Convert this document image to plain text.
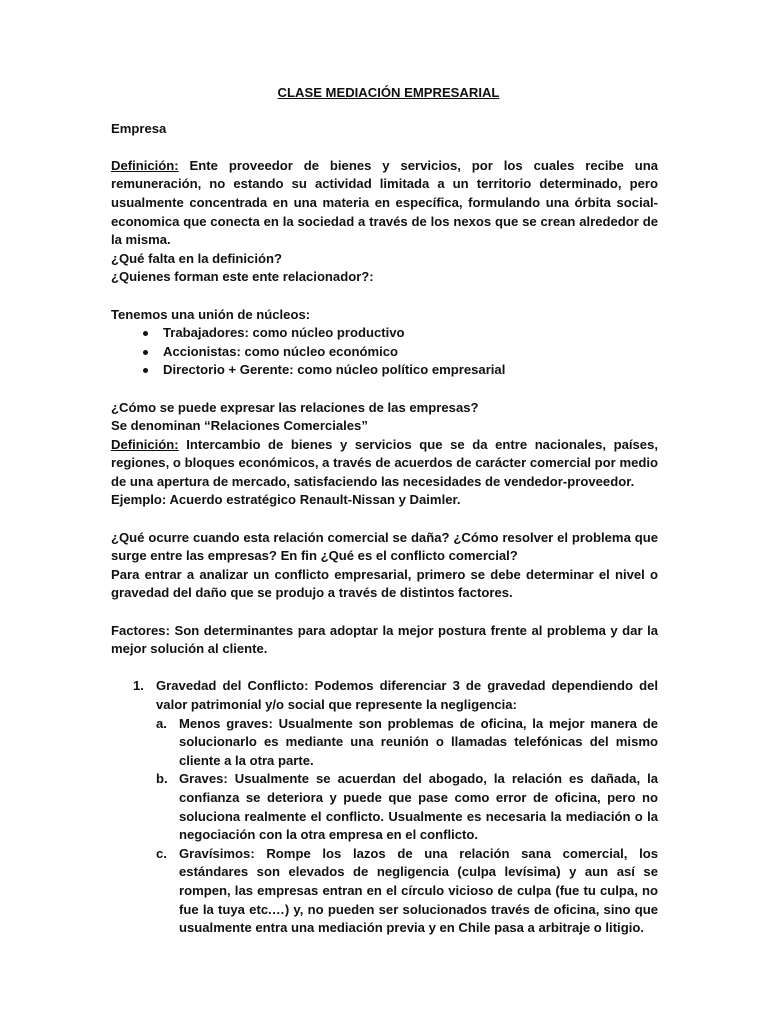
CLASE MEDIACIÓN EMPRESARIAL

Empresa

Definición: Ente proveedor de bienes y servicios, por los cuales recibe una remuneración, no estando su actividad limitada a un territorio determinado, pero usualmente concentrada en una materia en específica, formulando una órbita social-economica que conecta en la sociedad a través de los nexos que se crean alrededor de la misma.

¿Qué falta en la definición?

¿Quienes forman este ente relacionador?:

Tenemos una unión de núcleos:

Trabajadores: como núcleo productivo
Accionistas: como núcleo económico
Directorio + Gerente: como núcleo político empresarial

¿Cómo se puede expresar las relaciones de las empresas?

Se denominan “Relaciones Comerciales”

Definición: Intercambio de bienes y servicios que se da entre nacionales, países, regiones, o bloques económicos, a través de acuerdos de carácter comercial por medio de una apertura de mercado, satisfaciendo las necesidades de vendedor-proveedor.

Ejemplo: Acuerdo estratégico Renault-Nissan y Daimler.

¿Qué ocurre cuando esta relación comercial se daña? ¿Cómo resolver el problema que surge entre las empresas? En fin ¿Qué es el conflicto comercial?

Para entrar a analizar un conflicto empresarial, primero se debe determinar el nivel o gravedad del daño que se produjo a través de distintos factores.

Factores: Son determinantes para adoptar la mejor postura frente al problema y dar la mejor solución al cliente.

1. Gravedad del Conflicto: Podemos diferenciar 3 de gravedad dependiendo del valor patrimonial y/o social que represente la negligencia:

a. Menos graves: Usualmente son problemas de oficina, la mejor manera de solucionarlo es mediante una reunión o llamadas telefónicas del mismo cliente a la otra parte.

b. Graves: Usualmente se acuerdan del abogado, la relación es dañada, la confianza se deteriora y puede que pase como error de oficina, pero no soluciona realmente el conflicto. Usualmente es necesaria la mediación o la negociación con la otra empresa en el conflicto.

c. Gravísimos: Rompe los lazos de una relación sana comercial, los estándares son elevados de negligencia (culpa levísima) y aun así se rompen, las empresas entran en el círculo vicioso de culpa (fue tu culpa, no fue la tuya etc.…) y, no pueden ser solucionados través de oficina, sino que usualmente entra una mediación previa y en Chile pasa a arbitraje o litigio.
